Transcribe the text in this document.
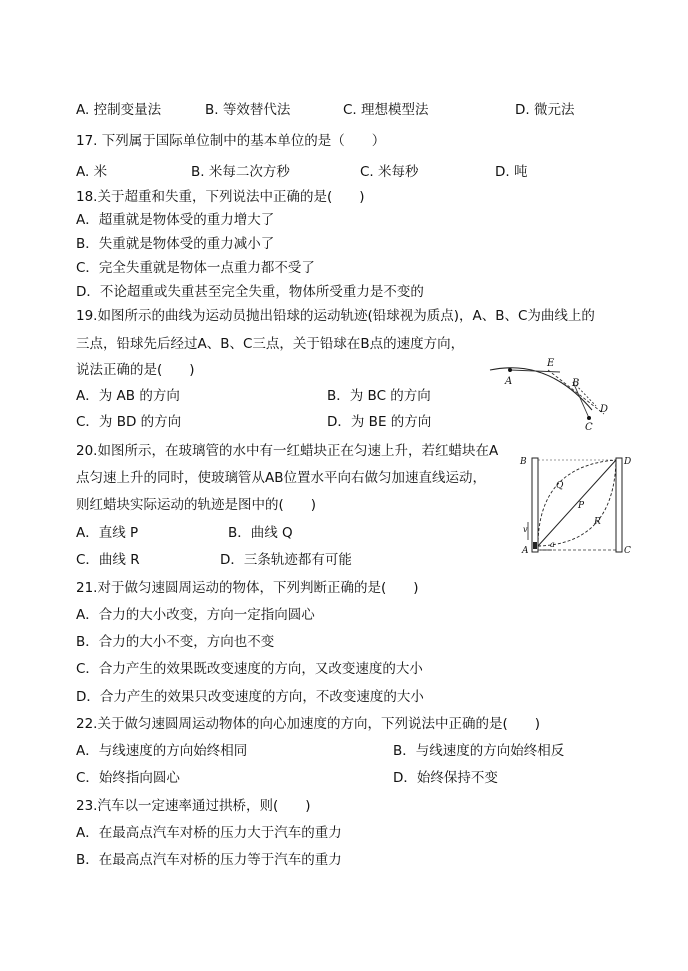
A. 控制变量法	B. 等效替代法	C. 理想模型法	D. 微元法
17. 下列属于国际单位制中的基本单位的是（　　）
A. 米	B. 米每二次方秒	C. 米每秒	D. 吨
18.关于超重和失重，下列说法中正确的是(　　)
A．超重就是物体受的重力增大了
B．失重就是物体受的重力减小了
C．完全失重就是物体一点重力都不受了
D．不论超重或失重甚至完全失重，物体所受重力是不变的
19.如图所示的曲线为运动员抛出铅球的运动轨迹(铅球视为质点)，A、B、C为曲线上的
三点，铅球先后经过A、B、C三点，关于铅球在B点的速度方向，
说法正确的是(　　)
A．为 AB 的方向	B．为 BC 的方向
C．为 BD 的方向	D．为 BE 的方向
A
E
B
D
C
20.如图所示，在玻璃管的水中有一红蜡块正在匀速上升，若红蜡块在A
点匀速上升的同时，使玻璃管从AB位置水平向右做匀加速直线运动，
则红蜡块实际运动的轨迹是图中的(　　)
A．直线 P	B．曲线 Q
C．曲线 R	D．三条轨迹都有可能
B	D
Q
P
R
v
a
A	C
21.对于做匀速圆周运动的物体，下列判断正确的是(　　)
A．合力的大小改变，方向一定指向圆心
B．合力的大小不变，方向也不变
C．合力产生的效果既改变速度的方向，又改变速度的大小
D．合力产生的效果只改变速度的方向，不改变速度的大小
22.关于做匀速圆周运动物体的向心加速度的方向，下列说法中正确的是(　　)
A．与线速度的方向始终相同	B．与线速度的方向始终相反
C．始终指向圆心	D．始终保持不变
23.汽车以一定速率通过拱桥，则(　　)
A．在最高点汽车对桥的压力大于汽车的重力
B．在最高点汽车对桥的压力等于汽车的重力
